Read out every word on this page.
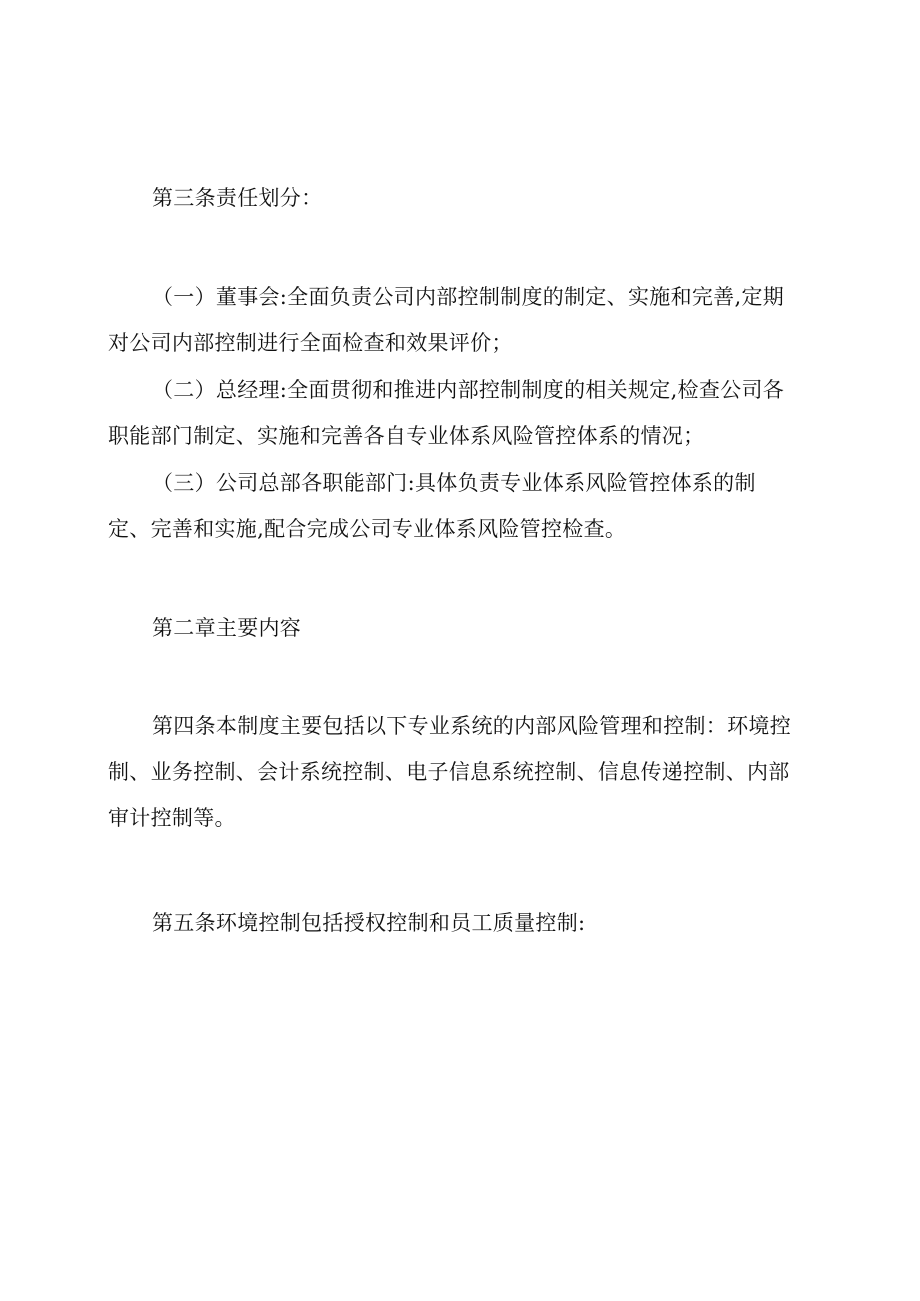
第三条责任划分：

（一）董事会:全面负责公司内部控制制度的制定、实施和完善,定期
对公司内部控制进行全面检查和效果评价；
（二）总经理:全面贯彻和推进内部控制制度的相关规定,检查公司各
职能部门制定、实施和完善各自专业体系风险管控体系的情况；
（三）公司总部各职能部门:具体负责专业体系风险管控体系的制
定、完善和实施,配合完成公司专业体系风险管控检查。

第二章主要内容

第四条本制度主要包括以下专业系统的内部风险管理和控制：环境控
制、业务控制、会计系统控制、电子信息系统控制、信息传递控制、内部
审计控制等。

第五条环境控制包括授权控制和员工质量控制:
